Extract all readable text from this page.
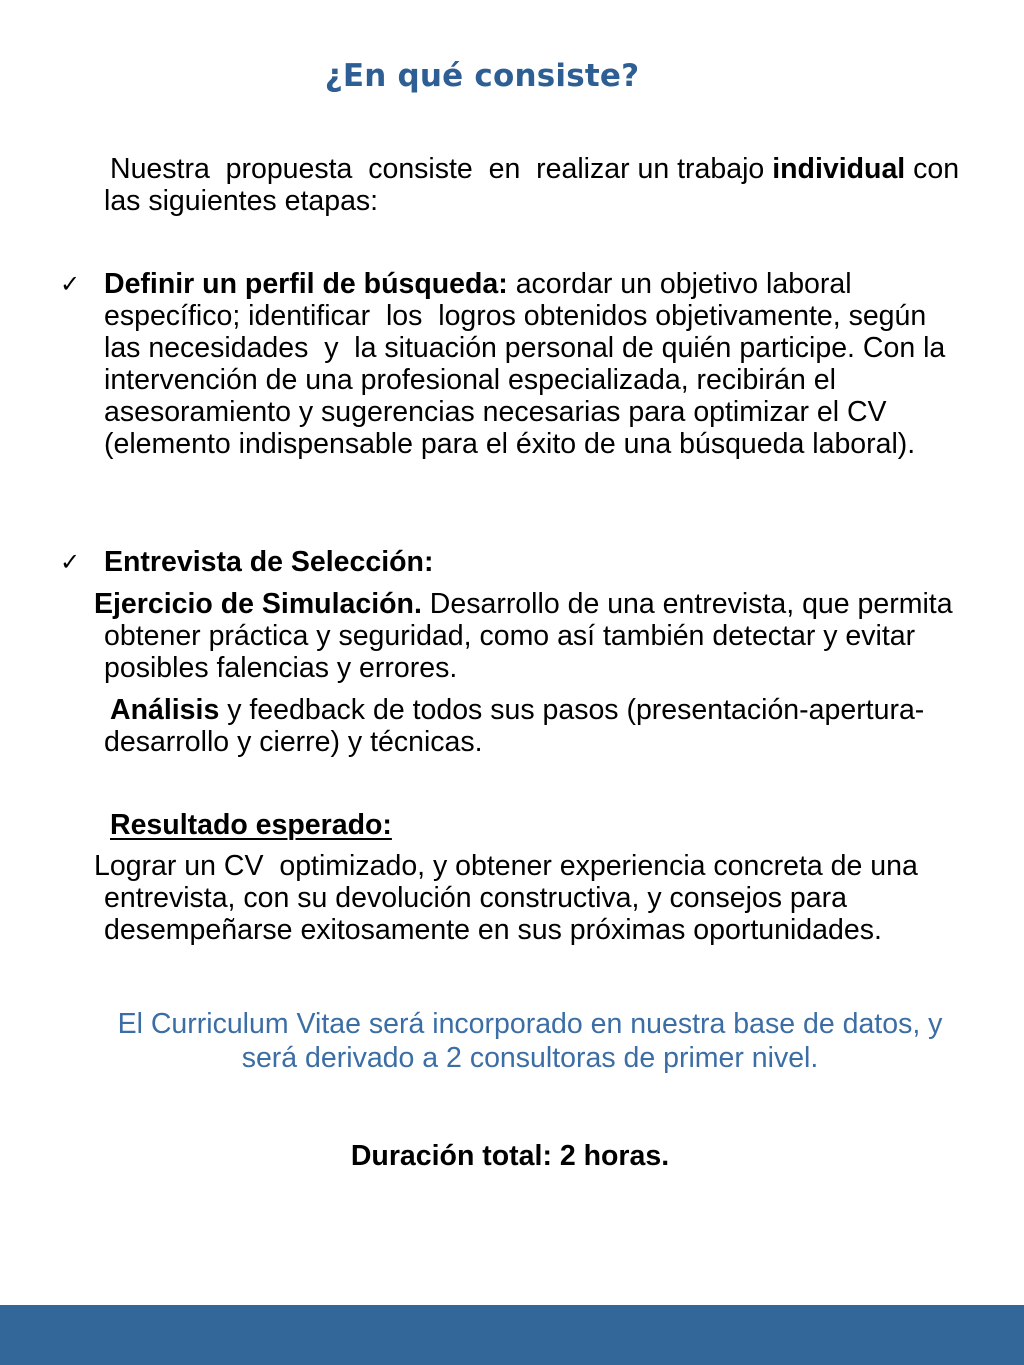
¿En qué consiste?
Nuestra  propuesta  consiste  en  realizar un trabajo individual con las siguientes etapas:
✓ Definir un perfil de búsqueda: acordar un objetivo laboral  específico; identificar  los  logros obtenidos objetivamente, según las necesidades  y  la situación personal de quién participe. Con la intervención de una profesional especializada, recibirán el asesoramiento y sugerencias necesarias para optimizar el CV (elemento indispensable para el éxito de una búsqueda laboral).
✓ Entrevista de Selección:
Ejercicio de Simulación. Desarrollo de una entrevista, que permita obtener práctica y seguridad, como así también detectar y evitar posibles falencias y errores.
Análisis y feedback de todos sus pasos (presentación-apertura-desarrollo y cierre) y técnicas.
Resultado esperado:
Lograr un CV  optimizado, y obtener experiencia concreta de una entrevista, con su devolución constructiva, y consejos para desempeñarse exitosamente en sus próximas oportunidades.
El Curriculum Vitae será incorporado en nuestra base de datos, y será derivado a 2 consultoras de primer nivel.
Duración total: 2 horas.
